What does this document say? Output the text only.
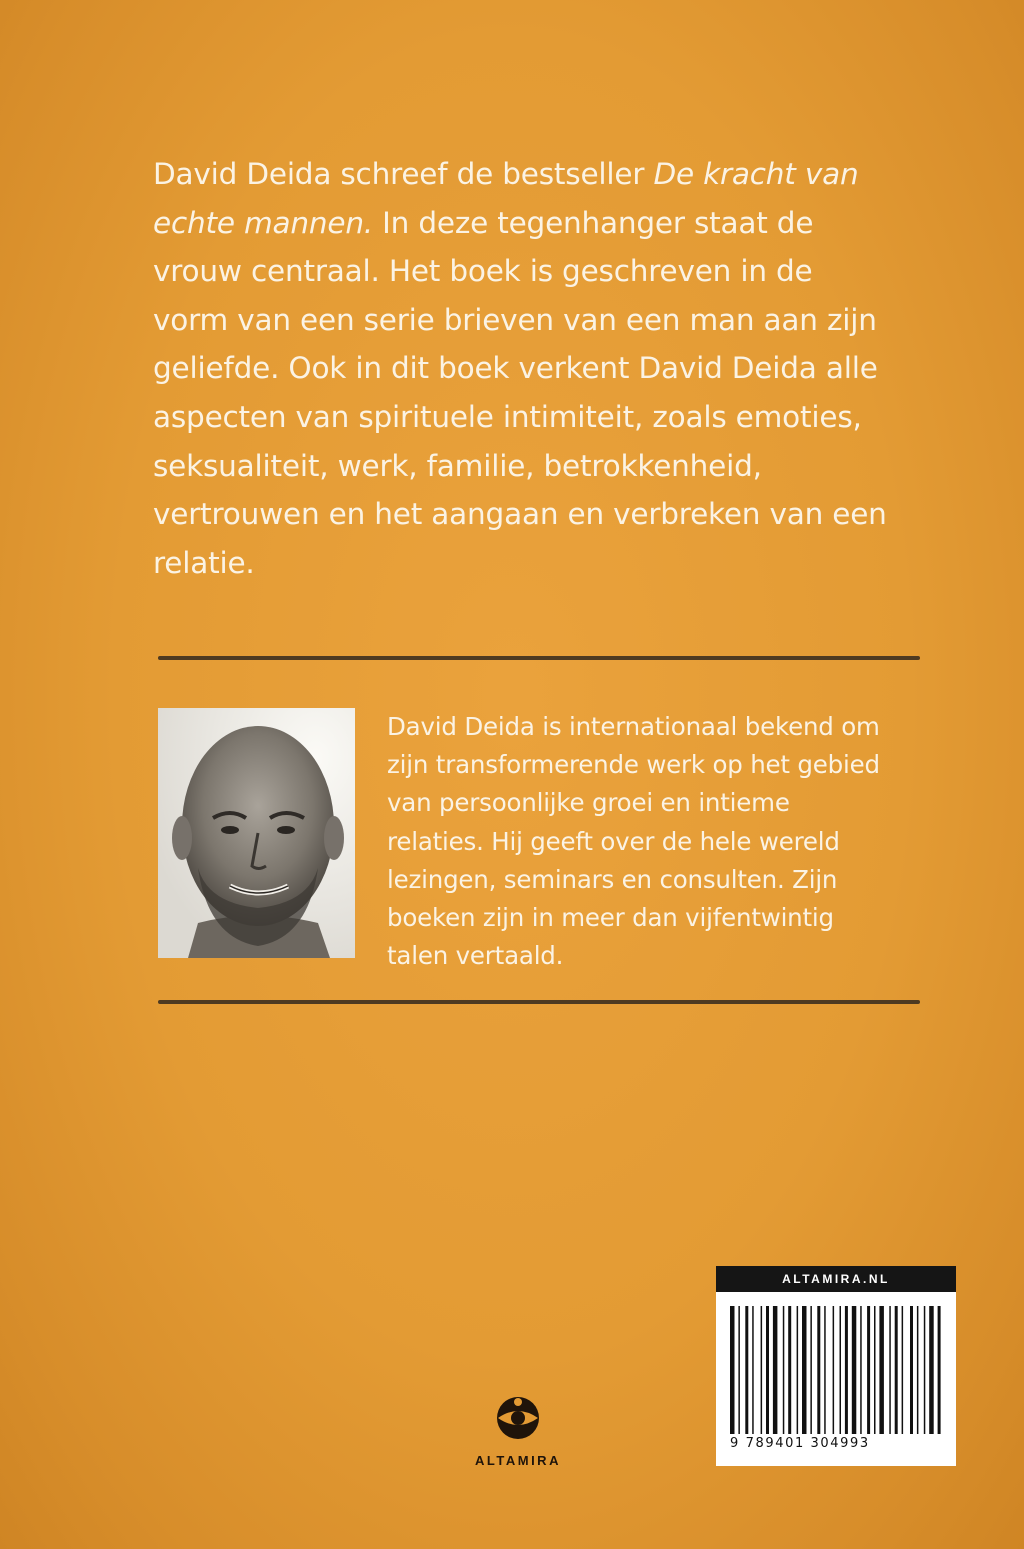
David Deida schreef de bestseller De kracht van echte mannen. In deze tegenhanger staat de vrouw centraal. Het boek is geschreven in de vorm van een serie brieven van een man aan zijn geliefde. Ook in dit boek verkent David Deida alle aspecten van spirituele intimiteit, zoals emoties, seksualiteit, werk, familie, betrokkenheid, vertrouwen en het aangaan en verbreken van een relatie.

David Deida is internationaal bekend om zijn transformerende werk op het gebied van persoonlijke groei en intieme relaties. Hij geeft over de hele wereld lezingen, seminars en consulten. Zijn boeken zijn in meer dan vijfentwintig talen vertaald.

ALTAMIRA
ALTAMIRA.NL
9 789401 304993
